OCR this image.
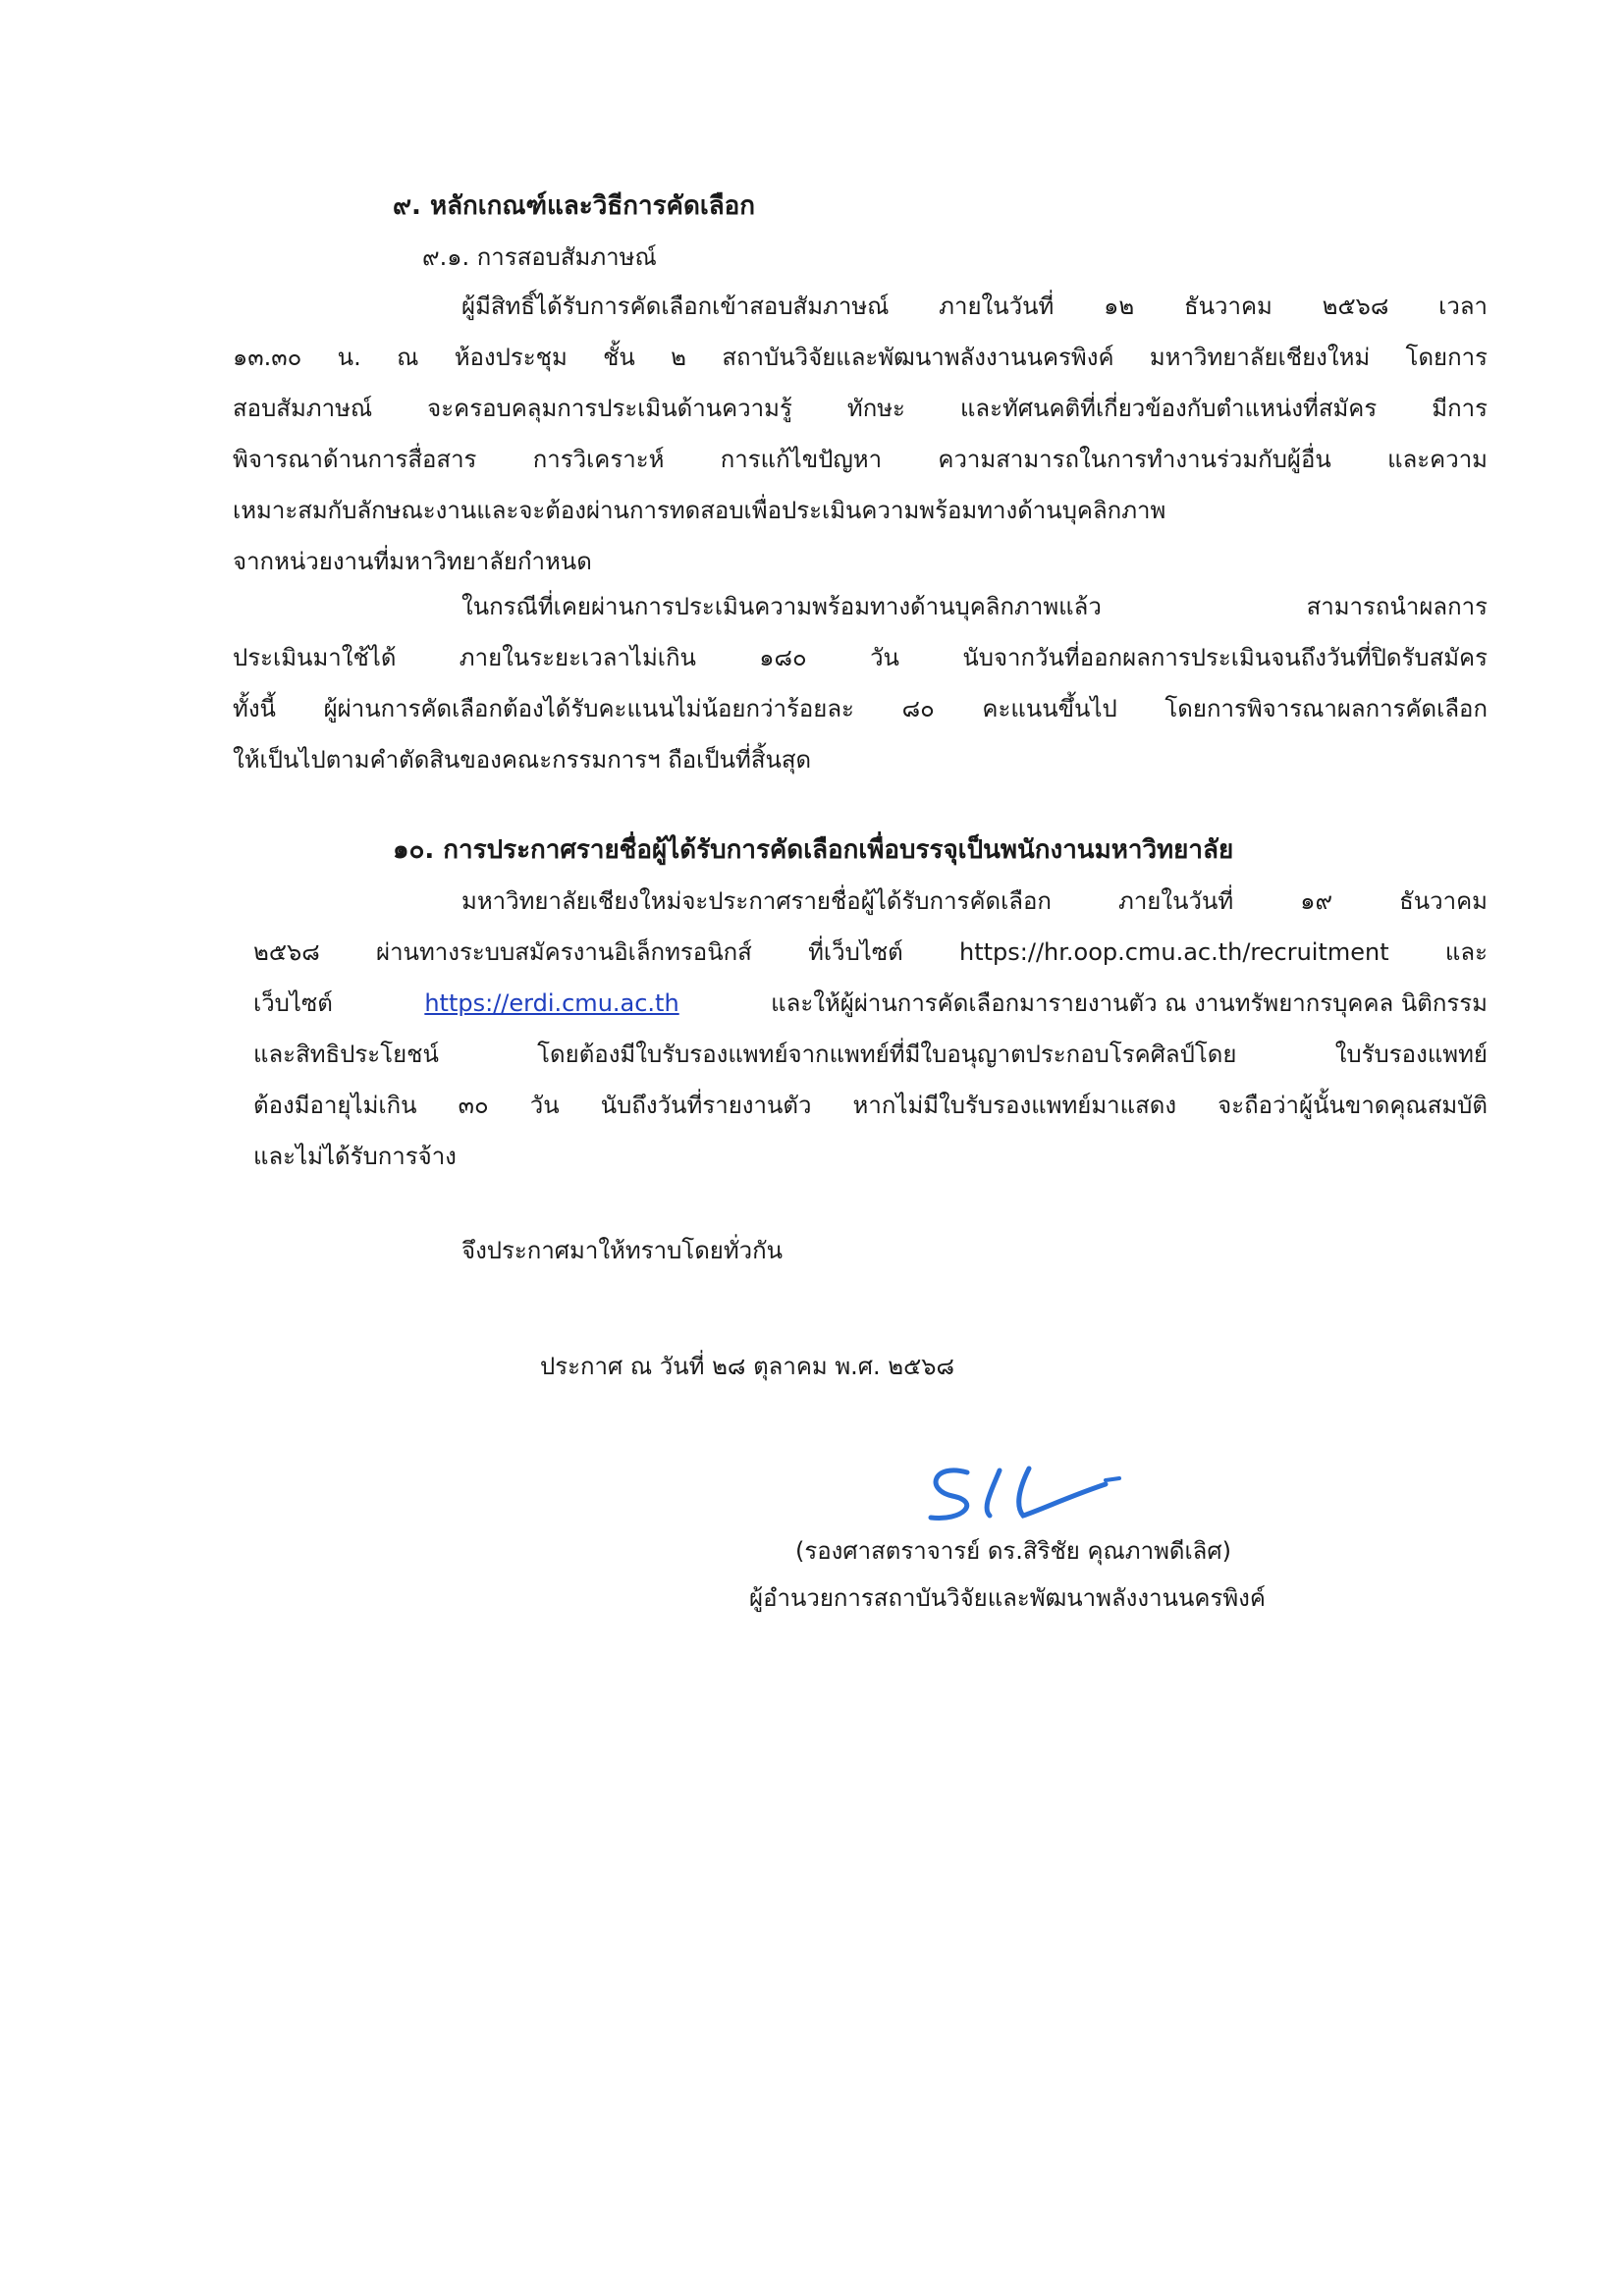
๙. หลักเกณฑ์และวิธีการคัดเลือก
๙.๑. การสอบสัมภาษณ์
ผู้มีสิทธิ์ได้รับการคัดเลือกเข้าสอบสัมภาษณ์ ภายในวันที่ ๑๒ ธันวาคม ๒๕๖๘ เวลา
๑๓.๓๐ น. ณ ห้องประชุม ชั้น ๒ สถาบันวิจัยและพัฒนาพลังงานนครพิงค์ มหาวิทยาลัยเชียงใหม่ โดยการ
สอบสัมภาษณ์ จะครอบคลุมการประเมินด้านความรู้ ทักษะ และทัศนคติที่เกี่ยวข้องกับตำแหน่งที่สมัคร มีการ
พิจารณาด้านการสื่อสาร การวิเคราะห์ การแก้ไขปัญหา ความสามารถในการทำงานร่วมกับผู้อื่น และความ
เหมาะสมกับลักษณะงานและจะต้องผ่านการทดสอบเพื่อประเมินความพร้อมทางด้านบุคลิกภาพ
จากหน่วยงานที่มหาวิทยาลัยกำหนด
ในกรณีที่เคยผ่านการประเมินความพร้อมทางด้านบุคลิกภาพแล้ว สามารถนำผลการ
ประเมินมาใช้ได้ ภายในระยะเวลาไม่เกิน ๑๘๐ วัน นับจากวันที่ออกผลการประเมินจนถึงวันที่ปิดรับสมัคร
ทั้งนี้ ผู้ผ่านการคัดเลือกต้องได้รับคะแนนไม่น้อยกว่าร้อยละ ๘๐ คะแนนขึ้นไป โดยการพิจารณาผลการคัดเลือก
ให้เป็นไปตามคำตัดสินของคณะกรรมการฯ ถือเป็นที่สิ้นสุด
๑๐. การประกาศรายชื่อผู้ได้รับการคัดเลือกเพื่อบรรจุเป็นพนักงานมหาวิทยาลัย
มหาวิทยาลัยเชียงใหม่จะประกาศรายชื่อผู้ได้รับการคัดเลือก ภายในวันที่ ๑๙ ธันวาคม
๒๕๖๘ ผ่านทางระบบสมัครงานอิเล็กทรอนิกส์ ที่เว็บไซต์ https://hr.oop.cmu.ac.th/recruitment และ
เว็บไซต์	https://erdi.cmu.ac.th	และให้ผู้ผ่านการคัดเลือกมารายงานตัว ณ งานทรัพยากรบุคคล นิติกรรม
และสิทธิประโยชน์ โดยต้องมีใบรับรองแพทย์จากแพทย์ที่มีใบอนุญาตประกอบโรคศิลป์โดย ใบรับรองแพทย์
ต้องมีอายุไม่เกิน ๓๐ วัน นับถึงวันที่รายงานตัว หากไม่มีใบรับรองแพทย์มาแสดง จะถือว่าผู้นั้นขาดคุณสมบัติ
และไม่ได้รับการจ้าง
จึงประกาศมาให้ทราบโดยทั่วกัน
ประกาศ ณ วันที่ ๒๘ ตุลาคม พ.ศ. ๒๕๖๘
(รองศาสตราจารย์ ดร.สิริชัย คุณภาพดีเลิศ)
ผู้อำนวยการสถาบันวิจัยและพัฒนาพลังงานนครพิงค์
